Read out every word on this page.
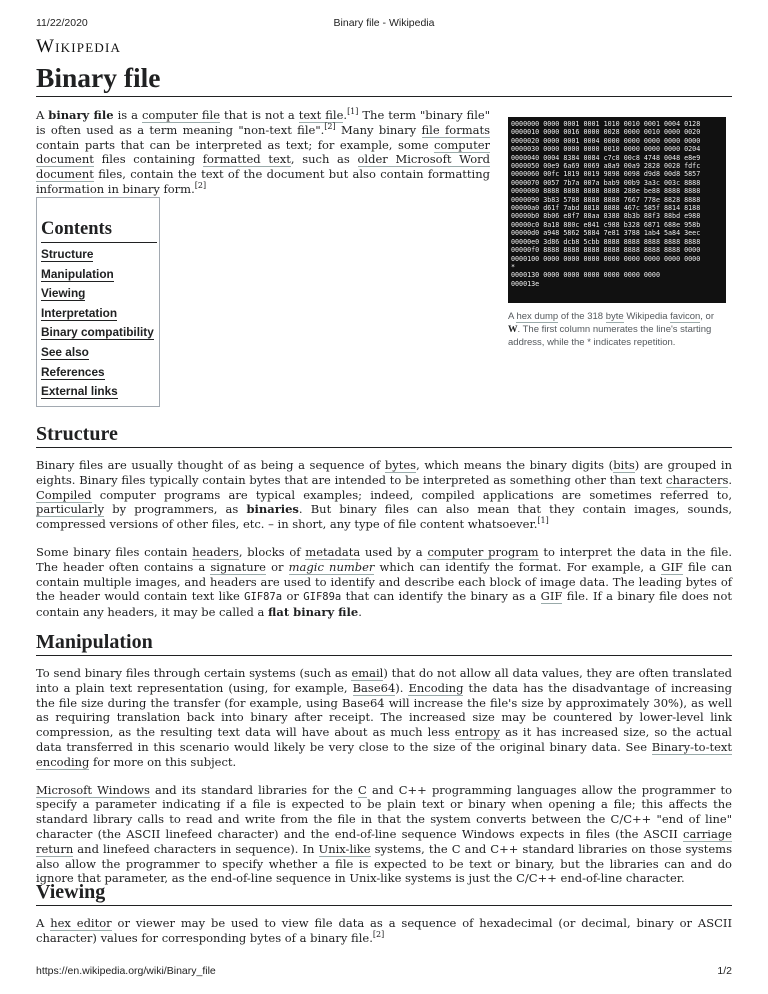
11/22/2020	Binary file - Wikipedia
Wikipedia
Binary file

A binary file is a computer file that is not a text file.[1] The term "binary file" is often used as a term meaning "non-text file".[2] Many binary file formats contain parts that can be interpreted as text; for example, some computer document files containing formatted text, such as older Microsoft Word document files, contain the text of the document but also contain formatting information in binary form.[2]

0000000 0000 0001 0001 1010 0010 0001 0004 0128
0000010 0000 0016 0000 0028 0000 0010 0000 0020
0000020 0000 0001 0004 0000 0000 0000 0000 0000
0000030 0000 0000 0000 0010 0000 0000 0000 0204
0000040 0004 8384 0084 c7c8 00c8 4748 0048 e8e9
0000050 00e9 6a69 0069 a8a9 00a9 2828 0028 fdfc
0000060 00fc 1819 0019 9898 0098 d9d8 00d8 5857
0000070 0057 7b7a 007a bab9 00b9 3a3c 003c 8888
0000080 8888 8888 8888 8888 288e be88 8888 8888
0000090 3b83 5788 8888 8888 7667 778e 8828 8888
00000a0 d61f 7abd 8818 8888 467c 585f 8814 8188
00000b0 8b06 e8f7 88aa 8388 8b3b 88f3 88bd e988
00000c0 8a18 880c e841 c988 b328 6871 688e 958b
00000d0 a948 5862 5884 7e81 3788 1ab4 5a84 3eec
00000e0 3d86 dcb8 5cbb 8888 8888 8888 8888 8888
00000f0 8888 8888 8888 8888 8888 8888 8888 0000
0000100 0000 0000 0000 0000 0000 0000 0000 0000
*
0000130 0000 0000 0000 0000 0000 0000
000013e
A hex dump of the 318 byte Wikipedia favicon, or W. The first column numerates the line's starting address, while the * indicates repetition.
Contents
Structure
Manipulation
Viewing
Interpretation
Binary compatibility
See also
References
External links
Structure

Binary files are usually thought of as being a sequence of bytes, which means the binary digits (bits) are grouped in eights. Binary files typically contain bytes that are intended to be interpreted as something other than text characters. Compiled computer programs are typical examples; indeed, compiled applications are sometimes referred to, particularly by programmers, as binaries. But binary files can also mean that they contain images, sounds, compressed versions of other files, etc. – in short, any type of file content whatsoever.[1]

Some binary files contain headers, blocks of metadata used by a computer program to interpret the data in the file. The header often contains a signature or magic number which can identify the format. For example, a GIF file can contain multiple images, and headers are used to identify and describe each block of image data. The leading bytes of the header would contain text like GIF87a or GIF89a that can identify the binary as a GIF file. If a binary file does not contain any headers, it may be called a flat binary file.

Manipulation

To send binary files through certain systems (such as email) that do not allow all data values, they are often translated into a plain text representation (using, for example, Base64). Encoding the data has the disadvantage of increasing the file size during the transfer (for example, using Base64 will increase the file's size by approximately 30%), as well as requiring translation back into binary after receipt. The increased size may be countered by lower-level link compression, as the resulting text data will have about as much less entropy as it has increased size, so the actual data transferred in this scenario would likely be very close to the size of the original binary data. See Binary-to-text encoding for more on this subject.

Microsoft Windows and its standard libraries for the C and C++ programming languages allow the programmer to specify a parameter indicating if a file is expected to be plain text or binary when opening a file; this affects the standard library calls to read and write from the file in that the system converts between the C/C++ "end of line" character (the ASCII linefeed character) and the end-of-line sequence Windows expects in files (the ASCII carriage return and linefeed characters in sequence). In Unix-like systems, the C and C++ standard libraries on those systems also allow the programmer to specify whether a file is expected to be text or binary, but the libraries can and do ignore that parameter, as the end-of-line sequence in Unix-like systems is just the C/C++ end-of-line character.

Viewing

A hex editor or viewer may be used to view file data as a sequence of hexadecimal (or decimal, binary or ASCII character) values for corresponding bytes of a binary file.[2]

https://en.wikipedia.org/wiki/Binary_file	1/2
